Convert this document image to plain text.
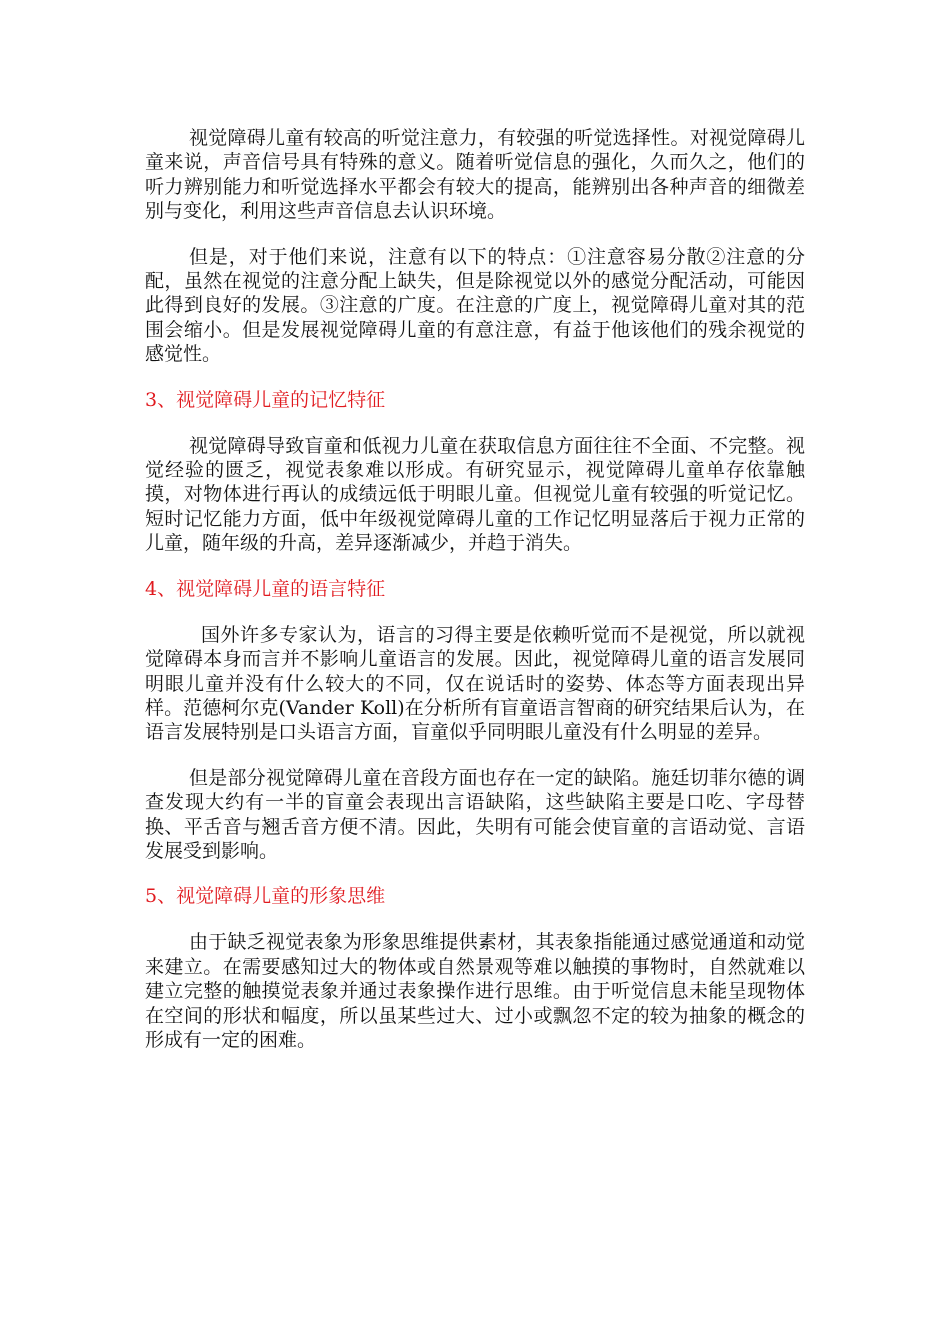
视觉障碍儿童有较高的听觉注意力，有较强的听觉选择性。对视觉障碍儿童来说，声音信号具有特殊的意义。随着听觉信息的强化，久而久之，他们的听力辨别能力和听觉选择水平都会有较大的提高，能辨别出各种声音的细微差别与变化，利用这些声音信息去认识环境。

但是，对于他们来说，注意有以下的特点：①注意容易分散②注意的分配，虽然在视觉的注意分配上缺失，但是除视觉以外的感觉分配活动，可能因此得到良好的发展。③注意的广度。在注意的广度上，视觉障碍儿童对其的范围会缩小。但是发展视觉障碍儿童的有意注意，有益于他该他们的残余视觉的感觉性。

3、视觉障碍儿童的记忆特征

视觉障碍导致盲童和低视力儿童在获取信息方面往往不全面、不完整。视觉经验的匮乏，视觉表象难以形成。有研究显示，视觉障碍儿童单存依靠触摸，对物体进行再认的成绩远低于明眼儿童。但视觉儿童有较强的听觉记忆。短时记忆能力方面，低中年级视觉障碍儿童的工作记忆明显落后于视力正常的儿童，随年级的升高，差异逐渐减少，并趋于消失。

4、视觉障碍儿童的语言特征

国外许多专家认为，语言的习得主要是依赖听觉而不是视觉，所以就视觉障碍本身而言并不影响儿童语言的发展。因此，视觉障碍儿童的语言发展同明眼儿童并没有什么较大的不同，仅在说话时的姿势、体态等方面表现出异样。范德柯尔克(Vander Koll)在分析所有盲童语言智商的研究结果后认为，在语言发展特别是口头语言方面，盲童似乎同明眼儿童没有什么明显的差异。

但是部分视觉障碍儿童在音段方面也存在一定的缺陷。施廷切菲尔德的调查发现大约有一半的盲童会表现出言语缺陷，这些缺陷主要是口吃、字母替换、平舌音与翘舌音方便不清。因此，失明有可能会使盲童的言语动觉、言语发展受到影响。

5、视觉障碍儿童的形象思维

由于缺乏视觉表象为形象思维提供素材，其表象指能通过感觉通道和动觉来建立。在需要感知过大的物体或自然景观等难以触摸的事物时，自然就难以建立完整的触摸觉表象并通过表象操作进行思维。由于听觉信息未能呈现物体在空间的形状和幅度，所以虽某些过大、过小或飘忽不定的较为抽象的概念的形成有一定的困难。
